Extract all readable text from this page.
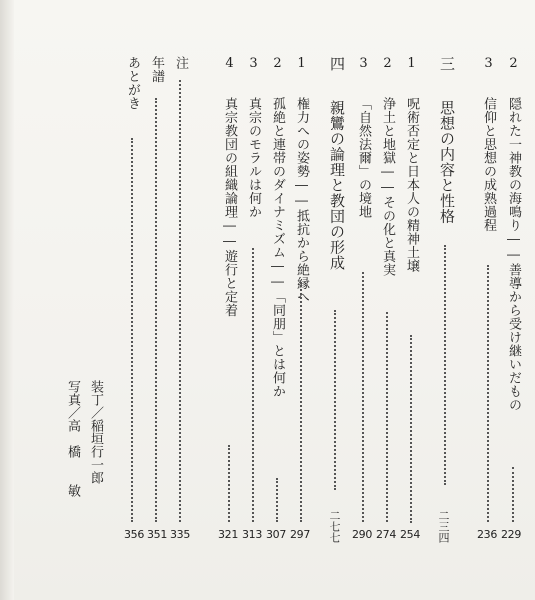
2 隠れた一神教の海鳴り――善導から受け継いだもの
229
3 信仰と思想の成熟過程
236
三 思想の内容と性格
二三四
1 呪術否定と日本人の精神土壌
254
2 浄土と地獄――その化と真実
274
3 「自然法爾」の境地
290
四 親鸞の論理と教団の形成
二七七
1 権力への姿勢――抵抗から絶縁へ
297
2 孤絶と連帯のダイナミズム――「同朋」とは何か
307
3 真宗のモラルは何か
313
4 真宗教団の組織論理――遊行と定着
321
注
335
年譜
351
あとがき
356
装丁／稲垣行一郎
写真／高　橋　　敏
